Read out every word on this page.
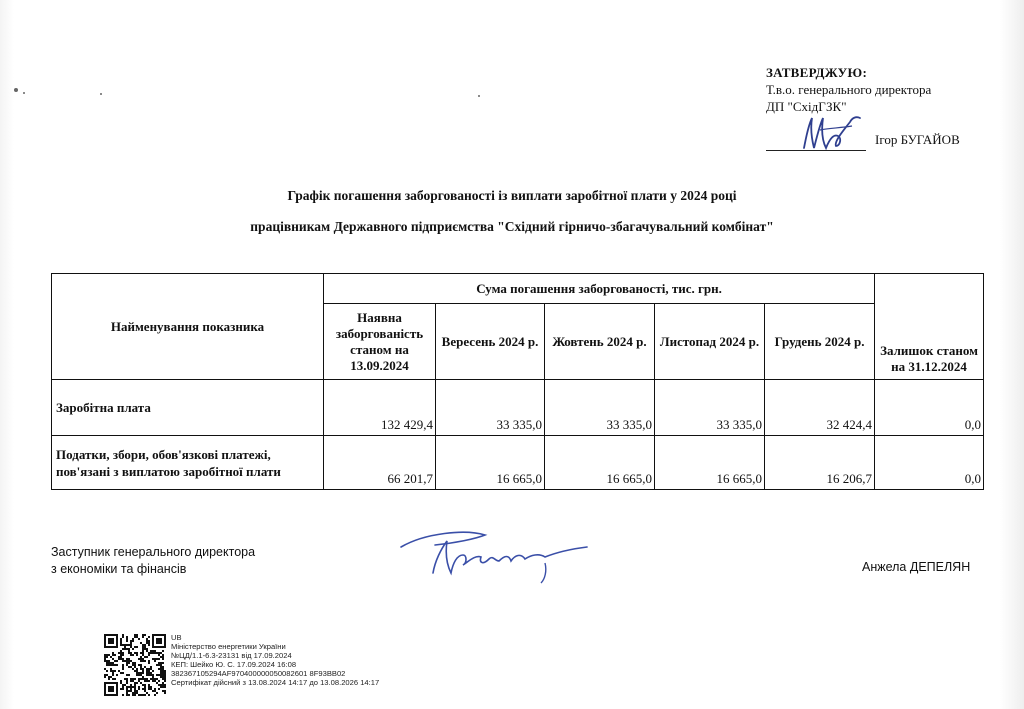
ЗАТВЕРДЖУЮ:
Т.в.о. генерального директора
ДП "СхідГЗК"
Ігор БУГАЙОВ
Графік погашення заборгованості із виплати заробітної плати у 2024 році
працівникам Державного підприємства "Східний гірничо-збагачувальний комбінат"
Найменування показника	Сума погашення заборгованості, тис. грн.					Залишок станом на 31.12.2024
	Наявна заборгованість станом на 13.09.2024	Вересень 2024 р.	Жовтень 2024 р.	Листопад 2024 р.	Грудень 2024 р.	
Заробітна плата	132 429,4	33 335,0	33 335,0	33 335,0	32 424,4	0,0
Податки, збори, обов'язкові платежі, пов'язані з виплатою заробітної плати	66 201,7	16 665,0	16 665,0	16 665,0	16 206,7	0,0
Заступник генерального директора
з економіки та фінансів	Анжела ДЕПЕЛЯН
UB
Міністерство енергетики України
№ЦД/1.1-6.3-23131 від 17.09.2024
КЕП: Шейко Ю. С. 17.09.2024 16:08
382367105294AF970400000050082601 8F93BB02
Сертифікат дійсний з 13.08.2024 14:17 до 13.08.2026 14:17
